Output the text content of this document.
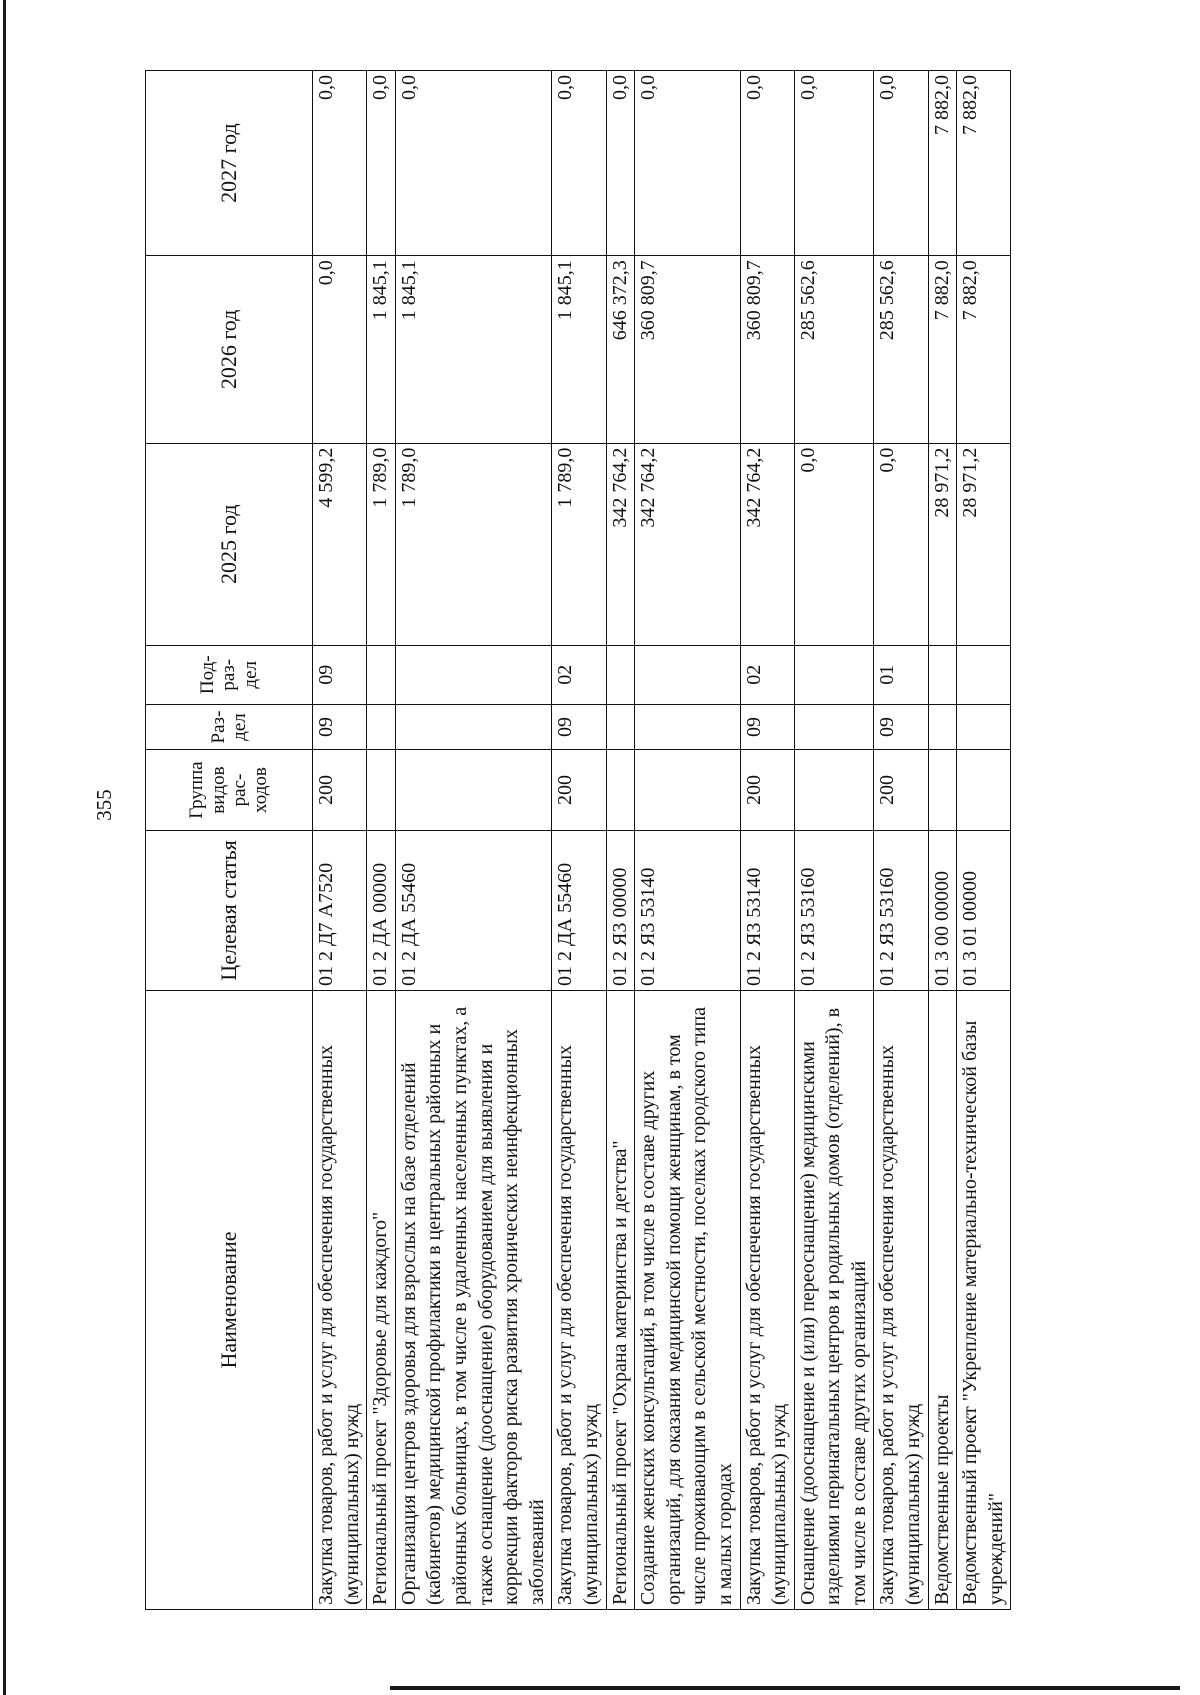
355
Наименование	Целевая статья	Группа видов рас-ходов	Раз-дел	Под-раз-дел	2025 год	2026 год	2027 год
Закупка товаров, работ и услуг для обеспечения государственных (муниципальных) нужд	01 2 Д7 А7520	200	09	09	4 599,2	0,0	0,0
Региональный проект "Здоровье для каждого"	01 2 ДА 00000				1 789,0	1 845,1	0,0
Организация центров здоровья для взрослых на базе отделений (кабинетов) медицинской профилактики в центральных районных и районных больницах, в том числе в удаленных населенных пунктах, а также оснащение (дооснащение) оборудованием для выявления и коррекции факторов риска развития хронических неинфекционных заболеваний	01 2 ДА 55460				1 789,0	1 845,1	0,0
Закупка товаров, работ и услуг для обеспечения государственных (муниципальных) нужд	01 2 ДА 55460	200	09	02	1 789,0	1 845,1	0,0
Региональный проект "Охрана материнства и детства"	01 2 Я3 00000				342 764,2	646 372,3	0,0
Создание женских консультаций, в том числе в составе других организаций, для оказания медицинской помощи женщинам, в том числе проживающим в сельской местности, поселках городского типа и малых городах	01 2 Я3 53140				342 764,2	360 809,7	0,0
Закупка товаров, работ и услуг для обеспечения государственных (муниципальных) нужд	01 2 Я3 53140	200	09	02	342 764,2	360 809,7	0,0
Оснащение (дооснащение и (или) переоснащение) медицинскими изделиями перинатальных центров и родильных домов (отделений), в том числе в составе других организаций	01 2 Я3 53160				0,0	285 562,6	0,0
Закупка товаров, работ и услуг для обеспечения государственных (муниципальных) нужд	01 2 Я3 53160	200	09	01	0,0	285 562,6	0,0
Ведомственные проекты	01 3 00 00000				28 971,2	7 882,0	7 882,0
Ведомственный проект "Укрепление материально-технической базы учреждений"	01 3 01 00000				28 971,2	7 882,0	7 882,0
